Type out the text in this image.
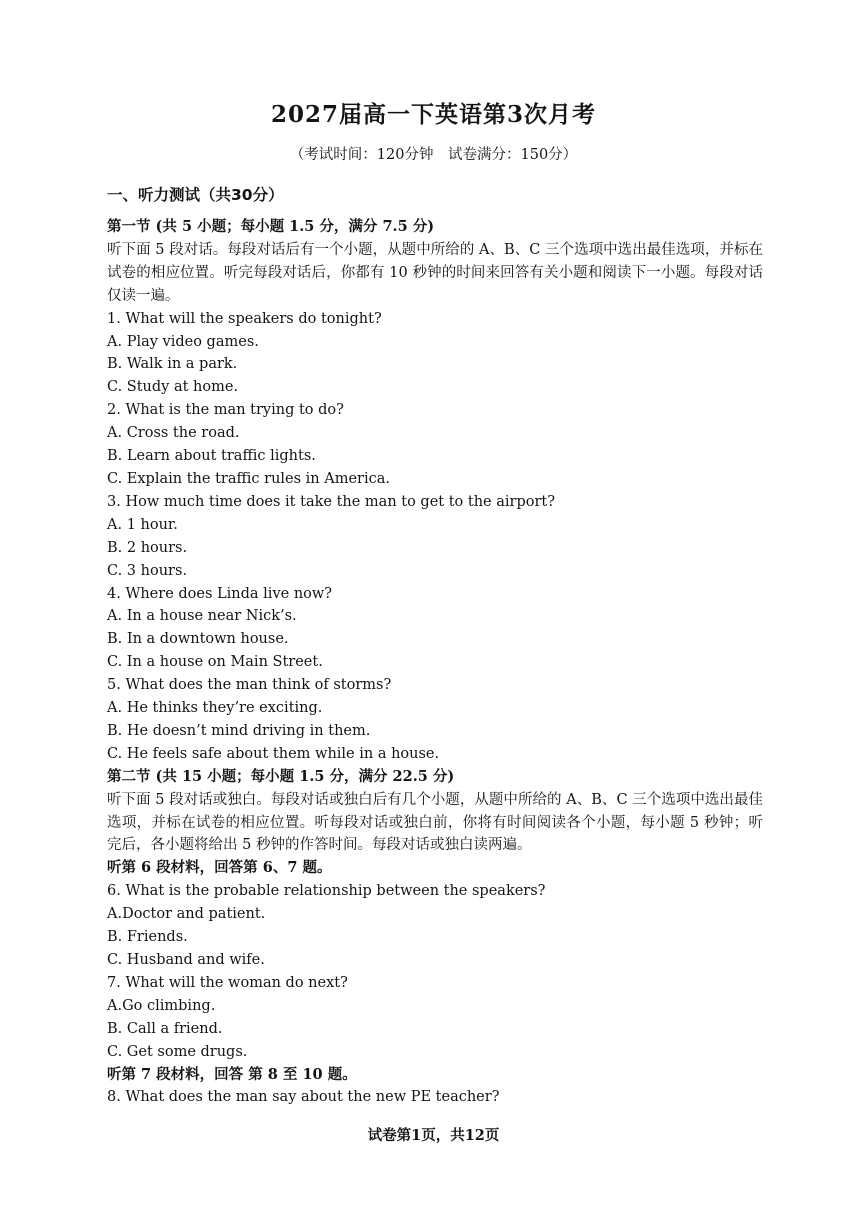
2027届高一下英语第3次月考
（考试时间：120分钟　试卷满分：150分）
一、听力测试（共30分）
第一节 (共 5 小题；每小题 1.5 分，满分 7.5 分)
听下面 5 段对话。每段对话后有一个小题，从题中所给的 A、B、C 三个选项中选出最佳选项，并标在试卷的相应位置。听完每段对话后，你都有 10 秒钟的时间来回答有关小题和阅读下一小题。每段对话仅读一遍。
1. What will the speakers do tonight?
A. Play video games.
B. Walk in a park.
C. Study at home.
2. What is the man trying to do?
A. Cross the road.
B. Learn about traffic lights.
C. Explain the traffic rules in America.
3. How much time does it take the man to get to the airport?
A. 1 hour.
B. 2 hours.
C. 3 hours.
4. Where does Linda live now?
A. In a house near Nick’s.
B. In a downtown house.
C. In a house on Main Street.
5. What does the man think of storms?
A. He thinks they’re exciting.
B. He doesn’t mind driving in them.
C. He feels safe about them while in a house.
第二节 (共 15 小题；每小题 1.5 分，满分 22.5 分)
听下面 5 段对话或独白。每段对话或独白后有几个小题，从题中所给的 A、B、C 三个选项中选出最佳选项，并标在试卷的相应位置。听每段对话或独白前，你将有时间阅读各个小题，每小题 5 秒钟；听完后，各小题将给出 5 秒钟的作答时间。每段对话或独白读两遍。
听第 6 段材料，回答第 6、7 题。
6. What is the probable relationship between the speakers?
A.Doctor and patient.
B. Friends.
C. Husband and wife.
7. What will the woman do next?
A.Go climbing.
B. Call a friend.
C. Get some drugs.
听第 7 段材料，回答 第 8 至 10 题。
8. What does the man say about the new PE teacher?
试卷第1页，共12页
